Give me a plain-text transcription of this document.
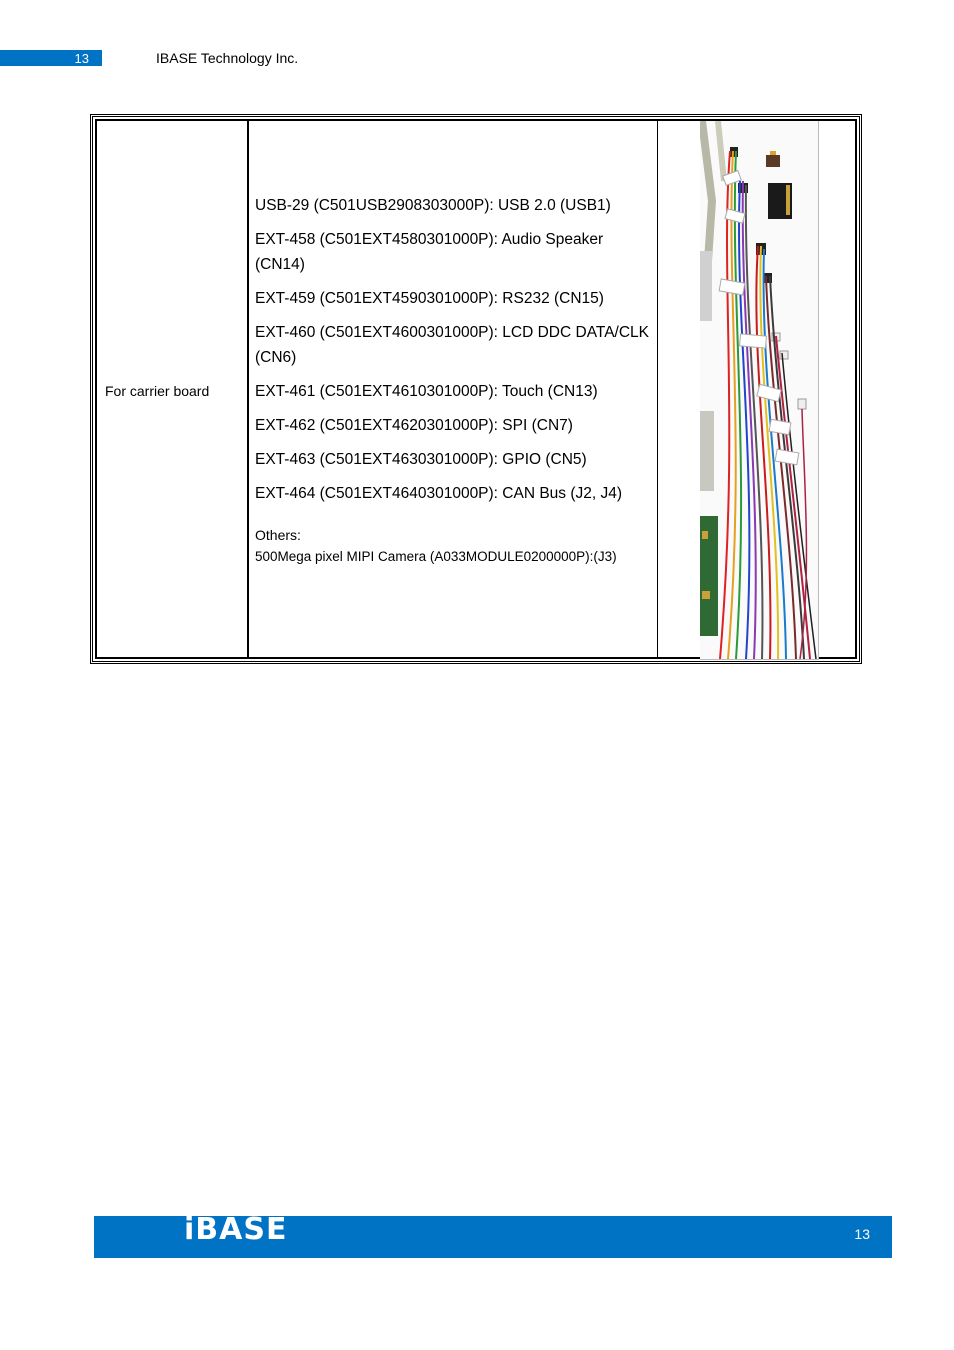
13	IBASE Technology Inc.
For carrier board
USB-29 (C501USB2908303000P): USB 2.0 (USB1)
EXT-458 (C501EXT4580301000P): Audio Speaker (CN14)
EXT-459 (C501EXT4590301000P): RS232 (CN15)
EXT-460 (C501EXT4600301000P): LCD DDC DATA/CLK (CN6)
EXT-461 (C501EXT4610301000P): Touch (CN13)
EXT-462 (C501EXT4620301000P): SPI (CN7)
EXT-463 (C501EXT4630301000P): GPIO (CN5)
EXT-464 (C501EXT4640301000P): CAN Bus (J2, J4)
Others:
500Mega pixel MIPI Camera (A033MODULE0200000P):(J3)
iBASE	13
